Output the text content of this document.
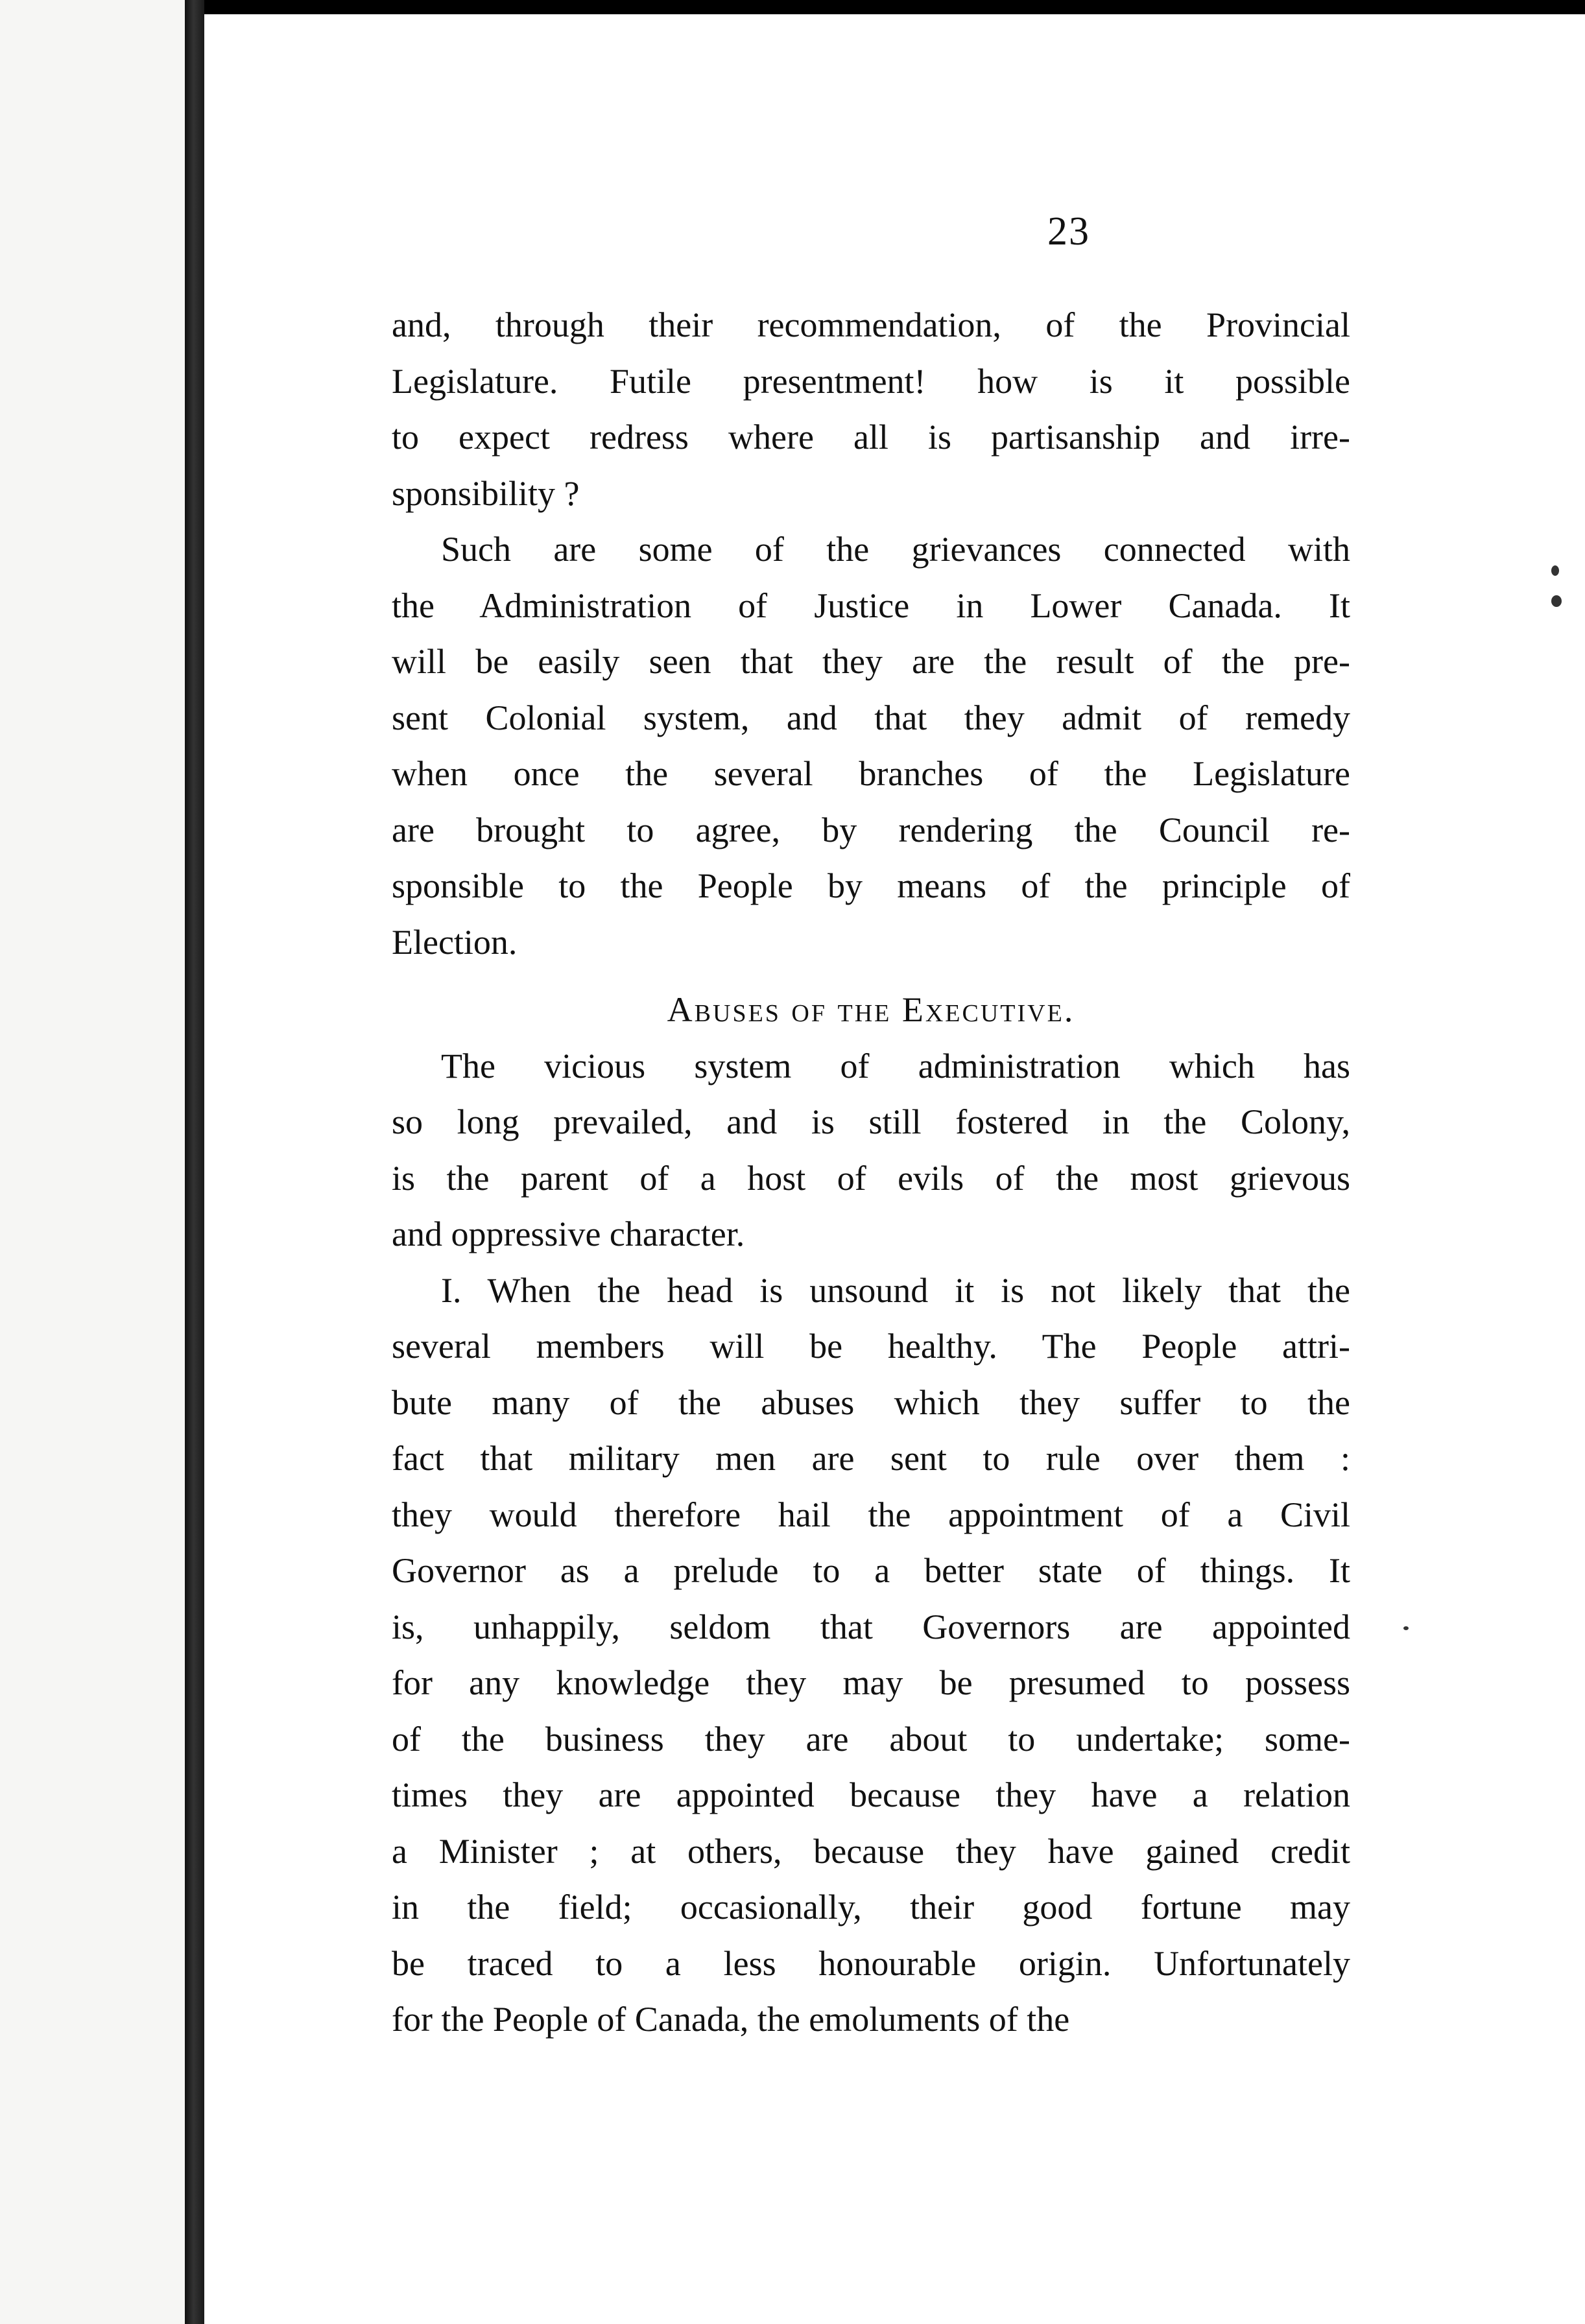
23
and, through their recommendation, of the Provincial
Legislature. Futile presentment! how is it possible
to expect redress where all is partisanship and irre-
sponsibility ?
Such are some of the grievances connected with
the Administration of Justice in Lower Canada. It
will be easily seen that they are the result of the pre-
sent Colonial system, and that they admit of remedy
when once the several branches of the Legislature
are brought to agree, by rendering the Council re-
sponsible to the People by means of the principle of
Election.
Abuses of the Executive.
The vicious system of administration which has
so long prevailed, and is still fostered in the Colony,
is the parent of a host of evils of the most grievous
and oppressive character.
I. When the head is unsound it is not likely that the
several members will be healthy. The People attri-
bute many of the abuses which they suffer to the
fact that military men are sent to rule over them :
they would therefore hail the appointment of a Civil
Governor as a prelude to a better state of things. It
is, unhappily, seldom that Governors are appointed
for any knowledge they may be presumed to possess
of the business they are about to undertake; some-
times they are appointed because they have a relation
a Minister ; at others, because they have gained credit
in the field; occasionally, their good fortune may
be traced to a less honourable origin. Unfortunately
for the People of Canada, the emoluments of the
